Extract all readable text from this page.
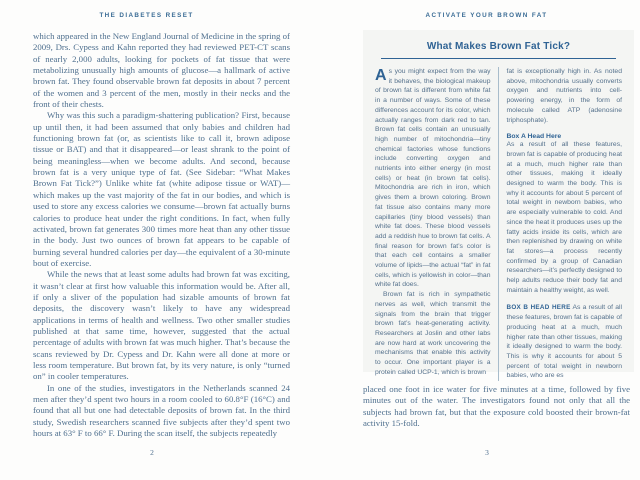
THE DIABETES RESET

which appeared in the New England Journal of Medicine in the spring of 2009, Drs. Cypess and Kahn reported they had reviewed PET-CT scans of nearly 2,000 adults, looking for pockets of fat tissue that were metabolizing unusually high amounts of glucose—a hallmark of active brown fat. They found observable brown fat deposits in about 7 percent of the women and 3 percent of the men, mostly in their necks and the front of their chests.

Why was this such a paradigm-shattering publication? First, because up until then, it had been assumed that only babies and children had functioning brown fat (or, as scientists like to call it, brown adipose tissue or BAT) and that it disappeared—or least shrank to the point of being meaningless—when we become adults. And second, because brown fat is a very unique type of fat. (See Sidebar: “What Makes Brown Fat Tick?”) Unlike white fat (white adipose tissue or WAT)—which makes up the vast majority of the fat in our bodies, and which is used to store any excess calories we consume—brown fat actually burns calories to produce heat under the right conditions. In fact, when fully activated, brown fat generates 300 times more heat than any other tissue in the body. Just two ounces of brown fat appears to be capable of burning several hundred calories per day—the equivalent of a 30-minute bout of exercise.

While the news that at least some adults had brown fat was exciting, it wasn’t clear at first how valuable this information would be. After all, if only a sliver of the population had sizable amounts of brown fat deposits, the discovery wasn’t likely to have any widespread applications in terms of health and wellness. Two other smaller studies published at that same time, however, suggested that the actual percentage of adults with brown fat was much higher. That’s because the scans reviewed by Dr. Cypess and Dr. Kahn were all done at more or less room temperature. But brown fat, by its very nature, is only “turned on” in cooler temperatures.

In one of the studies, investigators in the Netherlands scanned 24 men after they’d spent two hours in a room cooled to 60.8°F (16°C) and found that all but one had detectable deposits of brown fat. In the third study, Swedish researchers scanned five subjects after they’d spent two hours at 63° F to 66° F. During the scan itself, the subjects repeatedly

2
ACTIVATE YOUR BROWN FAT
What Makes Brown Fat Tick?

As you might expect from the way it behaves, the biological makeup of brown fat is different from white fat in a number of ways. Some of these differences account for its color, which actually ranges from dark red to tan. Brown fat cells contain an unusually high number of mitochondria—tiny chemical factories whose functions include converting oxygen and nutrients into either energy (in most cells) or heat (in brown fat cells). Mitochondria are rich in iron, which gives them a brown coloring. Brown fat tissue also contains many more capillaries (tiny blood vessels) than white fat does. These blood vessels add a reddish hue to brown fat cells. A final reason for brown fat’s color is that each cell contains a smaller volume of lipids—the actual “fat” in fat cells, which is yellowish in color—than white fat does.

Brown fat is rich in sympathetic nerves as well, which transmit the signals from the brain that trigger brown fat’s heat-generating activity. Researchers at Joslin and other labs are now hard at work uncovering the mechanisms that enable this activity to occur. One important player is a protein called UCP-1, which is brown

fat is exceptionally high in. As noted above, mitochondria usually converts oxygen and nutrients into cell-powering energy, in the form of molecule called ATP (adenosine triphosphate).

Box A Head Here

As a result of all these features, brown fat is capable of producing heat at a much, much higher rate than other tissues, making it ideally designed to warm the body. This is why it accounts for about 5 percent of total weight in newborn babies, who are especially vulnerable to cold. And since the heat it produces uses up the fatty acids inside its cells, which are then replenished by drawing on white fat stores—a process recently confirmed by a group of Canadian researchers—it’s perfectly designed to help adults reduce their body fat and maintain a healthy weight, as well.

BOX B HEAD HERE As a result of all these features, brown fat is capable of producing heat at a much, much higher rate than other tissues, making it ideally designed to warm the body. This is why it accounts for about 5 percent of total weight in newborn babies, who are es

placed one foot in ice water for five minutes at a time, followed by five minutes out of the water. The investigators found not only that all the subjects had brown fat, but that the exposure cold boosted their brown-fat activity 15-fold.

3
